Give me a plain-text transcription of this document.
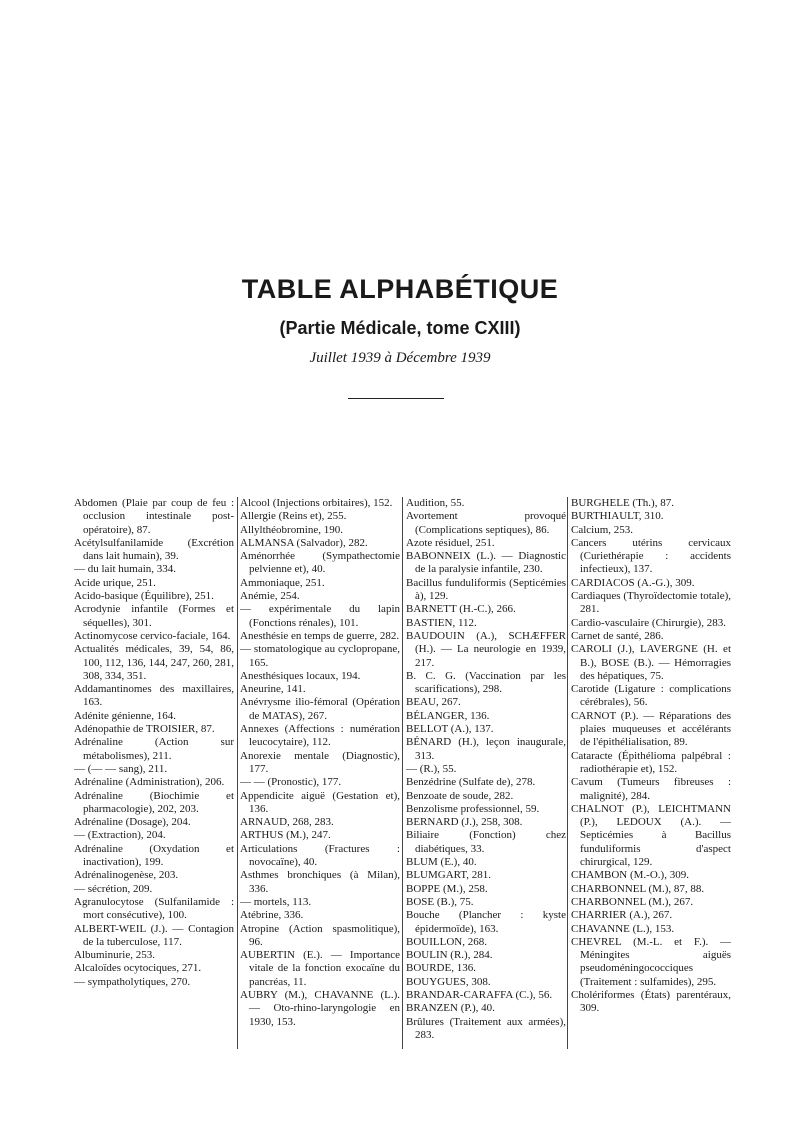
TABLE ALPHABÉTIQUE
(Partie Médicale, tome CXIII)

Juillet 1939 à Décembre 1939

Abdomen (Plaie par coup de feu : occlusion intestinale post-opératoire), 87.

Acétylsulfanilamide (Excrétion dans lait humain), 39.

— du lait humain, 334.

Acide urique, 251.

Acido-basique (Équilibre), 251.

Acrodynie infantile (Formes et séquelles), 301.

Actinomycose cervico-faciale, 164.

Actualités médicales, 39, 54, 86, 100, 112, 136, 144, 247, 260, 281, 308, 334, 351.

Addamantinomes des maxillaires, 163.

Adénite génienne, 164.

Adénopathie de TROISIER, 87.

Adrénaline (Action sur métabolismes), 211.

— (— — sang), 211.

Adrénaline (Administration), 206.

Adrénaline (Biochimie et pharmacologie), 202, 203.

Adrénaline (Dosage), 204.

— (Extraction), 204.

Adrénaline (Oxydation et inactivation), 199.

Adrénalinogenèse, 203.

— sécrétion, 209.

Agranulocytose (Sulfanilamide : mort consécutive), 100.

ALBERT-WEIL (J.). — Contagion de la tuberculose, 117.

Albuminurie, 253.

Alcaloïdes ocytociques, 271.

— sympatholytiques, 270.

Alcool (Injections orbitaires), 152.

Allergie (Reins et), 255.

Allylthéobromine, 190.

ALMANSA (Salvador), 282.

Aménorrhée (Sympathectomie pelvienne et), 40.

Ammoniaque, 251.

Anémie, 254.

— expérimentale du lapin (Fonctions rénales), 101.

Anesthésie en temps de guerre, 282.

— stomatologique au cyclopropane, 165.

Anesthésiques locaux, 194.

Aneurine, 141.

Anévrysme ilio-fémoral (Opération de MATAS), 267.

Annexes (Affections : numération leucocytaire), 112.

Anorexie mentale (Diagnostic), 177.

— — (Pronostic), 177.

Appendicite aiguë (Gestation et), 136.

ARNAUD, 268, 283.

ARTHUS (M.), 247.

Articulations (Fractures : novocaïne), 40.

Asthmes bronchiques (à Milan), 336.

— mortels, 113.

Atébrine, 336.

Atropine (Action spasmolitique), 96.

AUBERTIN (E.). — Importance vitale de la fonction exocaïne du pancréas, 11.

AUBRY (M.), CHAVANNE (L.). — Oto-rhino-laryngologie en 1930, 153.

Audition, 55.

Avortement provoqué (Complications septiques), 86.

Azote résiduel, 251.

BABONNEIX (L.). — Diagnostic de la paralysie infantile, 230.

Bacillus funduliformis (Septicémies à), 129.

BARNETT (H.-C.), 266.

BASTIEN, 112.

BAUDOUIN (A.), SCHÆFFER (H.). — La neurologie en 1939, 217.

B. C. G. (Vaccination par les scarifications), 298.

BEAU, 267.

BÉLANGER, 136.

BELLOT (A.), 137.

BÉNARD (H.), leçon inaugurale, 313.

— (R.), 55.

Benzédrine (Sulfate de), 278.

Benzoate de soude, 282.

Benzolisme professionnel, 59.

BERNARD (J.), 258, 308.

Biliaire (Fonction) chez diabétiques, 33.

BLUM (E.), 40.

BLUMGART, 281.

BOPPE (M.), 258.

BOSE (B.), 75.

Bouche (Plancher : kyste épidermoïde), 163.

BOUILLON, 268.

BOULIN (R.), 284.

BOURDE, 136.

BOUYGUES, 308.

BRANDAR-CARAFFA (C.), 56.

BRANZEN (P.), 40.

Brûlures (Traitement aux armées), 283.

BURGHELE (Th.), 87.

BURTHIAULT, 310.

Calcium, 253.

Cancers utérins cervicaux (Curiethérapie : accidents infectieux), 137.

CARDIACOS (A.-G.), 309.

Cardiaques (Thyroïdectomie totale), 281.

Cardio-vasculaire (Chirurgie), 283.

Carnet de santé, 286.

CAROLI (J.), LAVERGNE (H. et B.), BOSE (B.). — Hémorragies des hépatiques, 75.

Carotide (Ligature : complications cérébrales), 56.

CARNOT (P.). — Réparations des plaies muqueuses et accélérants de l'épithélialisation, 89.

Cataracte (Épithélioma palpébral : radiothérapie et), 152.

Cavum (Tumeurs fibreuses : malignité), 284.

CHALNOT (P.), LEICHTMANN (P.), LEDOUX (A.). — Septicémies à Bacillus funduliformis d'aspect chirurgical, 129.

CHAMBON (M.-O.), 309.

CHARBONNEL (M.), 87, 88.

CHARBONNEL (M.), 267.

CHARRIER (A.), 267.

CHAVANNE (L.), 153.

CHEVREL (M.-L. et F.). — Méningites aiguës pseudoméningococciques (Traitement : sulfamides), 295.

Cholériformes (États) parentéraux, 309.
